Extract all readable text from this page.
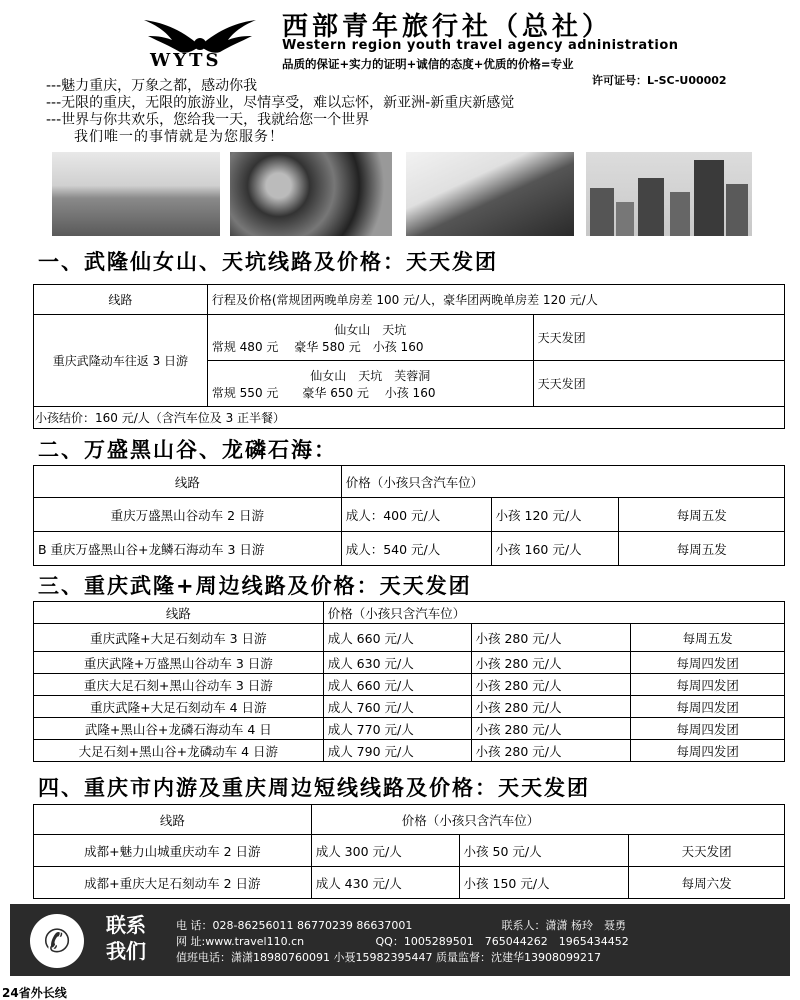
WYTS
西部青年旅行社（总社）
Western region youth travel agency adninistration
品质的保证+实力的证明+诚信的态度+优质的价格=专业
许可证号：L-SC-U00002
---魅力重庆，万象之都，感动你我
---无限的重庆，无限的旅游业，尽情享受，难以忘怀，新亚洲-新重庆新感觉
---世界与你共欢乐，您给我一天，我就给您一个世界
我们唯一的事情就是为您服务！
一、武隆仙女山、天坑线路及价格：天天发团
线路	行程及价格(常规团两晚单房差 100 元/人，豪华团两晚单房差 120 元/人	
重庆武隆动车往返 3 日游	仙女山　天坑
常规 480 元　 豪华 580 元　小孩 160	天天发团

	仙女山　天坑　芙蓉洞
常规 550 元　　豪华 650 元　 小孩 160	天天发团
小孩结价：160 元/人（含汽车位及 3 正半餐）		
二、万盛黑山谷、龙磷石海：
线路	价格（小孩只含汽车位）		
重庆万盛黑山谷动车 2 日游	成人：400 元/人	小孩 120 元/人	每周五发
B 重庆万盛黑山谷+龙鳞石海动车 3 日游	成人：540 元/人	小孩 160 元/人	每周五发
三、重庆武隆+周边线路及价格：天天发团
线路	价格（小孩只含汽车位）		
重庆武隆+大足石刻动车 3 日游	成人 660 元/人	小孩 280 元/人	每周五发
重庆武隆+万盛黑山谷动车 3 日游	成人 630 元/人	小孩 280 元/人	每周四发团
重庆大足石刻+黑山谷动车 3 日游	成人 660 元/人	小孩 280 元/人	每周四发团
重庆武隆+大足石刻动车 4 日游	成人 760 元/人	小孩 280 元/人	每周四发团
武隆+黑山谷+龙磷石海动车 4 日	成人 770 元/人	小孩 280 元/人	每周四发团
大足石刻+黑山谷+龙磷动车 4 日游	成人 790 元/人	小孩 280 元/人	每周四发团
四、重庆市内游及重庆周边短线线路及价格：天天发团
线路	价格（小孩只含汽车位）		
成都+魅力山城重庆动车 2 日游	成人 300 元/人	小孩 50 元/人	天天发团
成都+重庆大足石刻动车 2 日游	成人 430 元/人	小孩 150 元/人	每周六发
✆	联系
我们
电 话：028-86256011 86770239 86637001	联系人：潇潇 杨玲　聂勇
网 址:www.travel110.cn	QQ：1005289501　765044262　1965434452
值班电话：潇潇18980760091 小聂15982395447 质量监督：沈建华13908099217
24省外长线
